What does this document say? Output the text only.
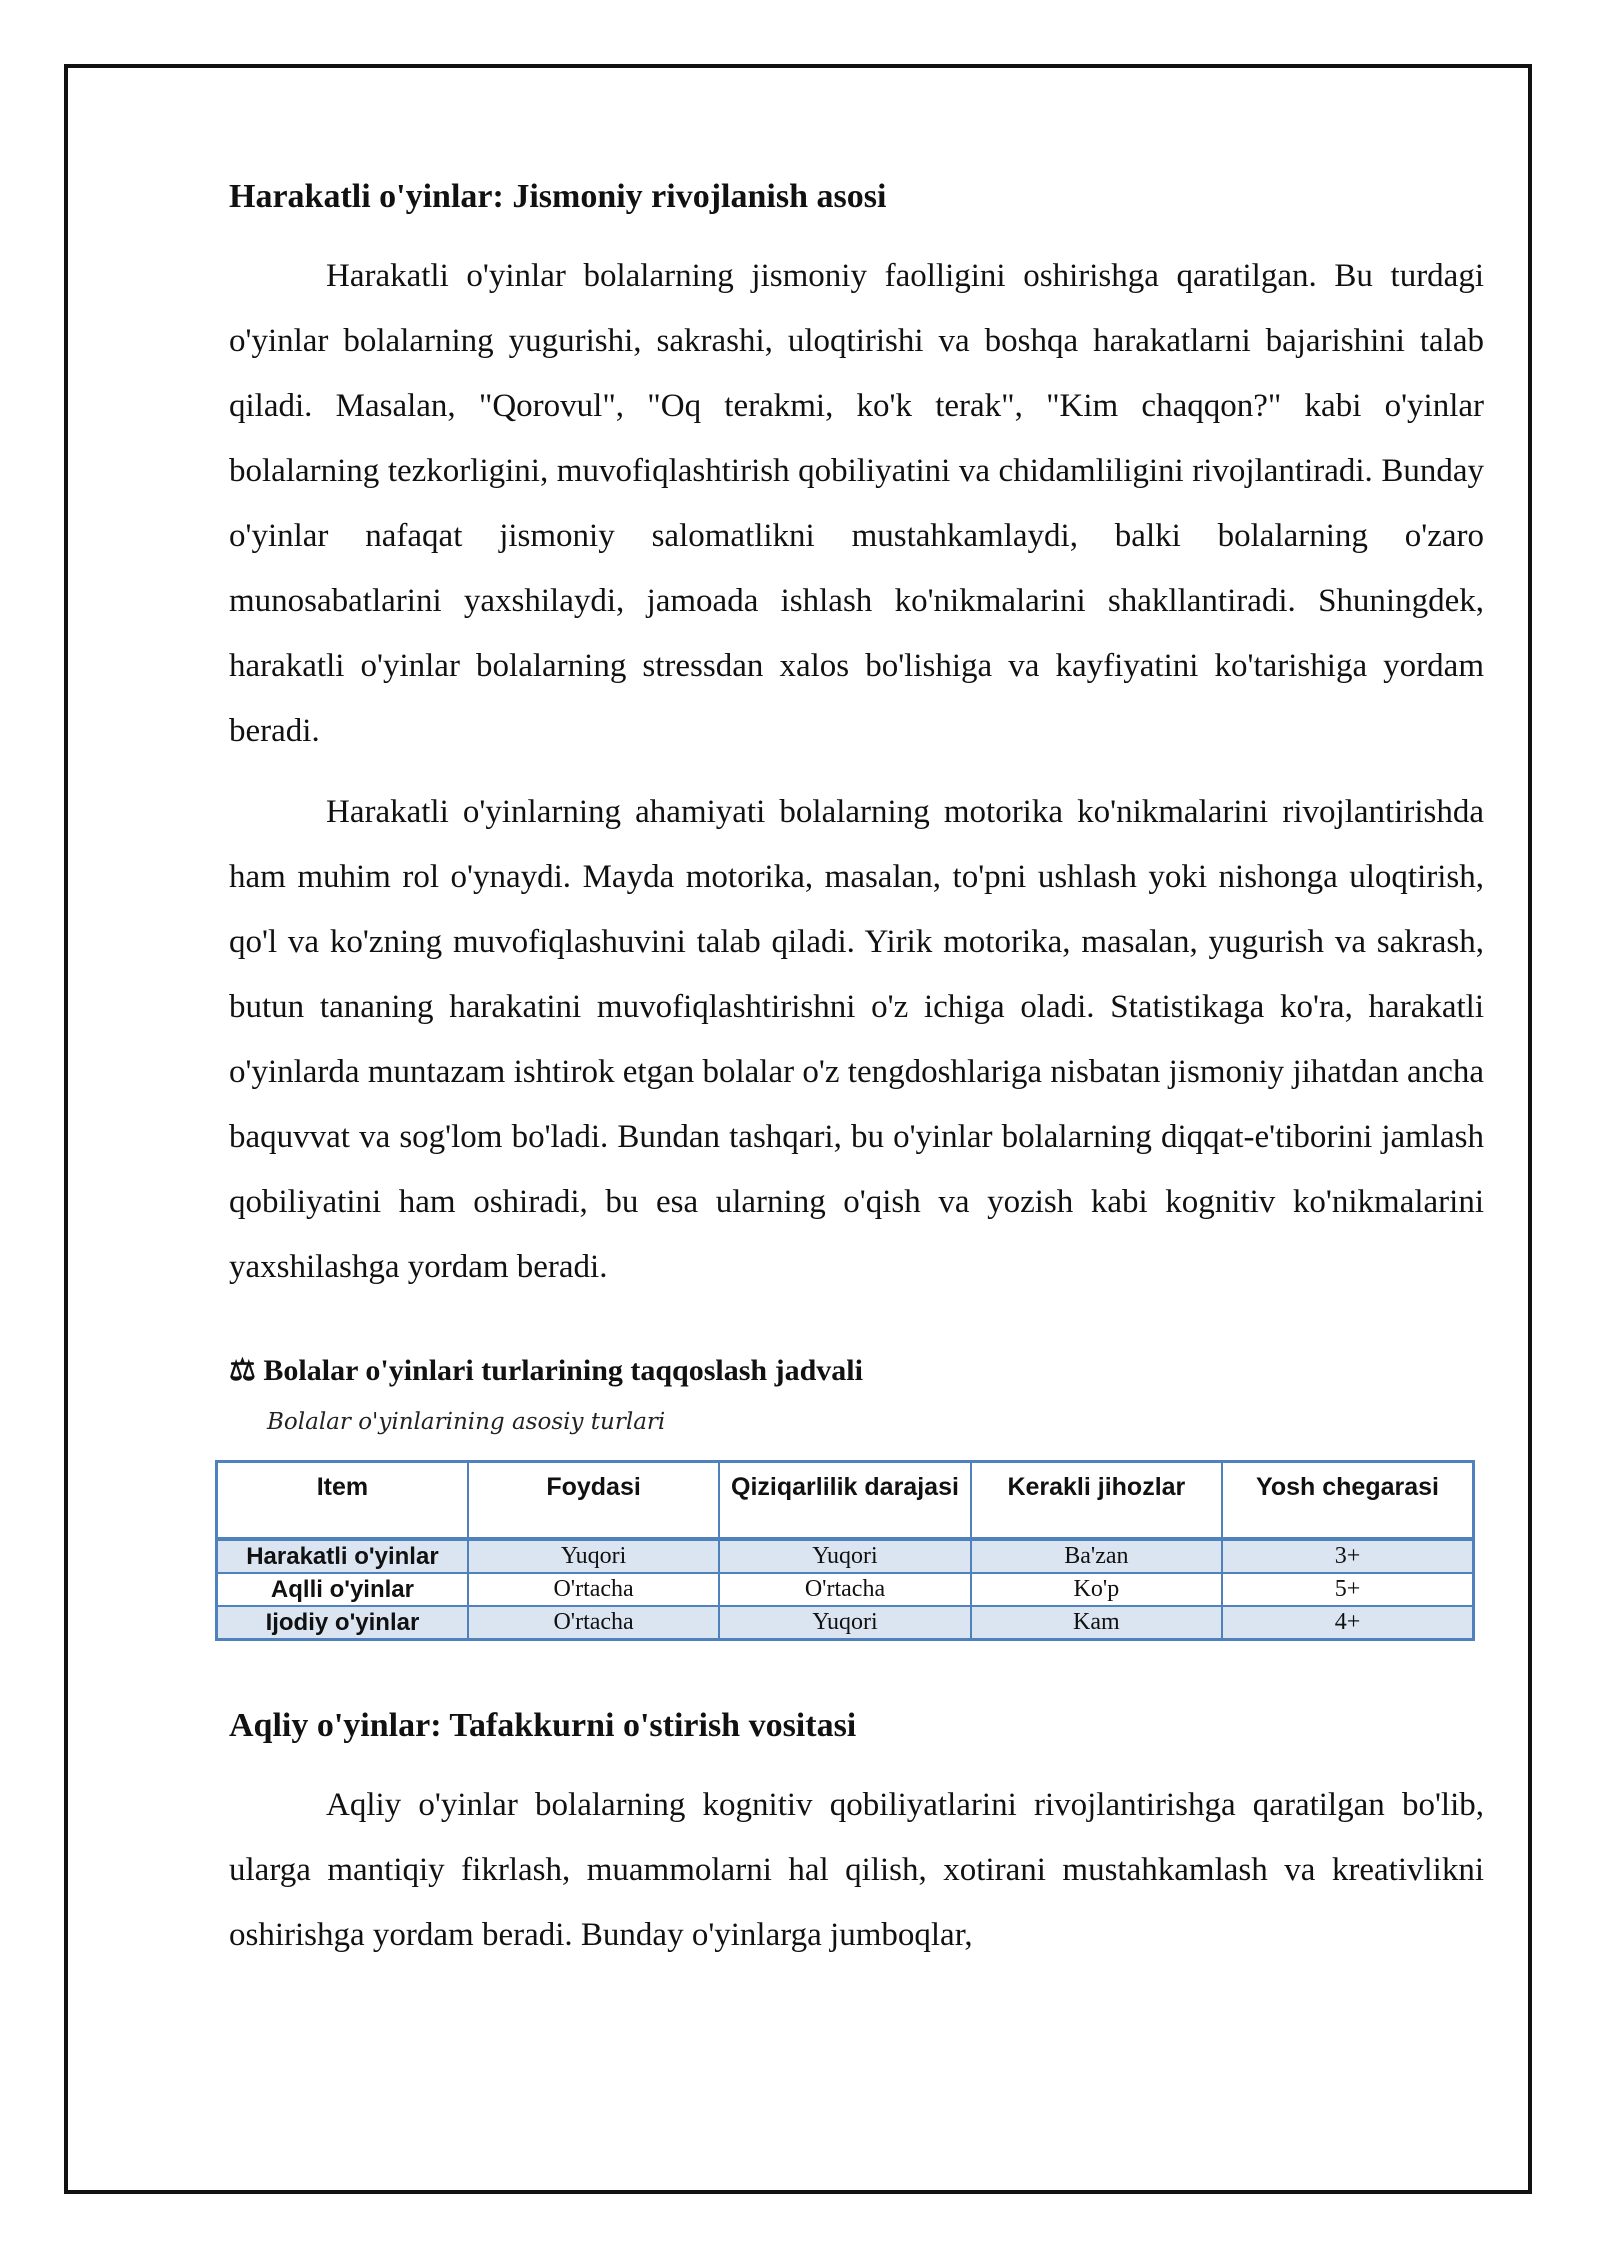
Harakatli o'yinlar: Jismoniy rivojlanish asosi

Harakatli o'yinlar bolalarning jismoniy faolligini oshirishga qaratilgan. Bu turdagi o'yinlar bolalarning yugurishi, sakrashi, uloqtirishi va boshqa harakatlarni bajarishini talab qiladi. Masalan, "Qorovul", "Oq terakmi, ko'k terak", "Kim chaqqon?" kabi o'yinlar bolalarning tezkorligini, muvofiqlashtirish qobiliyatini va chidamliligini rivojlantiradi. Bunday o'yinlar nafaqat jismoniy salomatlikni mustahkamlaydi, balki bolalarning o'zaro munosabatlarini yaxshilaydi, jamoada ishlash ko'nikmalarini shakllantiradi. Shuningdek, harakatli o'yinlar bolalarning stressdan xalos bo'lishiga va kayfiyatini ko'tarishiga yordam beradi.

Harakatli o'yinlarning ahamiyati bolalarning motorika ko'nikmalarini rivojlantirishda ham muhim rol o'ynaydi. Mayda motorika, masalan, to'pni ushlash yoki nishonga uloqtirish, qo'l va ko'zning muvofiqlashuvini talab qiladi. Yirik motorika, masalan, yugurish va sakrash, butun tananing harakatini muvofiqlashtirishni o'z ichiga oladi. Statistikaga ko'ra, harakatli o'yinlarda muntazam ishtirok etgan bolalar o'z tengdoshlariga nisbatan jismoniy jihatdan ancha baquvvat va sog'lom bo'ladi. Bundan tashqari, bu o'yinlar bolalarning diqqat-e'tiborini jamlash qobiliyatini ham oshiradi, bu esa ularning o'qish va yozish kabi kognitiv ko'nikmalarini yaxshilashga yordam beradi.

⚖ Bolalar o'yinlari turlarining taqqoslash jadvali
Bolalar o'yinlarining asosiy turlari
Item	Foydasi	Qiziqarlilik darajasi	Kerakli jihozlar	Yosh chegarasi
Harakatli o'yinlar	Yuqori	Yuqori	Ba'zan	3+
Aqlli o'yinlar	O'rtacha	O'rtacha	Ko'p	5+
Ijodiy o'yinlar	O'rtacha	Yuqori	Kam	4+
Aqliy o'yinlar: Tafakkurni o'stirish vositasi

Aqliy o'yinlar bolalarning kognitiv qobiliyatlarini rivojlantirishga qaratilgan bo'lib, ularga mantiqiy fikrlash, muammolarni hal qilish, xotirani mustahkamlash va kreativlikni oshirishga yordam beradi. Bunday o'yinlarga jumboqlar,
